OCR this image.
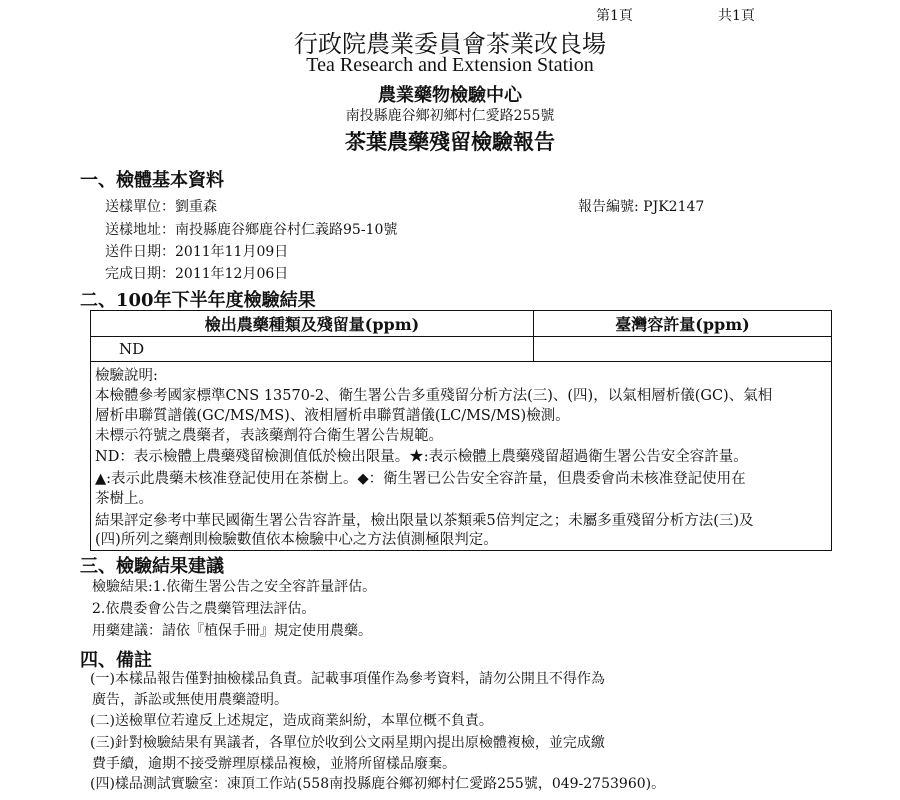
第1頁	共1頁
行政院農業委員會茶業改良場
Tea Research and Extension Station
農業藥物檢驗中心
南投縣鹿谷鄉初鄉村仁愛路255號
茶葉農藥殘留檢驗報告
一、檢體基本資料
送樣單位：劉重森	報告編號: PJK2147
送樣地址：南投縣鹿谷鄉鹿谷村仁義路95-10號
送件日期：2011年11月09日
完成日期：2011年12月06日
二、100年下半年度檢驗結果
檢出農藥種類及殘留量(ppm)	臺灣容許量(ppm)
ND	

檢驗說明:
本檢體參考國家標準CNS 13570-2、衛生署公告多重殘留分析方法(三)、(四)，以氣相層析儀(GC)、氣相
層析串聯質譜儀(GC/MS/MS)、液相層析串聯質譜儀(LC/MS/MS)檢測。
未標示符號之農藥者，表該藥劑符合衛生署公告規範。
ND：表示檢體上農藥殘留檢測值低於檢出限量。★:表示檢體上農藥殘留超過衛生署公告安全容許量。
▲:表示此農藥未核准登記使用在茶樹上。◆：衛生署已公告安全容許量，但農委會尚未核准登記使用在
茶樹上。
結果評定參考中華民國衛生署公告容許量，檢出限量以茶類乘5倍判定之；未屬多重殘留分析方法(三)及
(四)所列之藥劑則檢驗數值依本檢驗中心之方法偵測極限判定。
三、檢驗結果建議
檢驗結果:1.依衛生署公告之安全容許量評估。
2.依農委會公告之農藥管理法評估。
用藥建議：請依『植保手冊』規定使用農藥。
四、備註
(一)本樣品報告僅對抽檢樣品負責。記載事項僅作為參考資料，請勿公開且不得作為
廣告，訴訟或無使用農藥證明。
(二)送檢單位若違反上述規定，造成商業糾紛，本單位概不負責。
(三)針對檢驗結果有異議者，各單位於收到公文兩星期內提出原檢體複檢，並完成繳
費手續，逾期不接受辦理原樣品複檢，並將所留樣品廢棄。
(四)樣品測試實驗室：凍頂工作站(558南投縣鹿谷鄉初鄉村仁愛路255號，049-2753960)。
